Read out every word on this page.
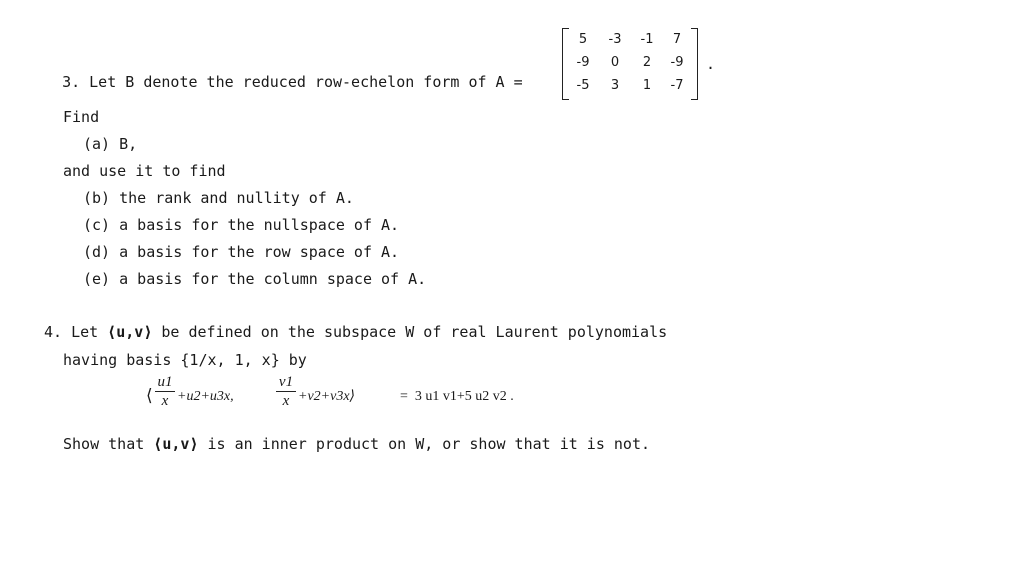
3. Let B denote the reduced row-echelon form of A =

5	-3	-1	7
-9	0	2	-9
-5	3	1	-7
.
Find
(a) B,
and use it to find
(b) the rank and nullity of A.
(c) a basis for the nullspace of A.
(d) a basis for the row space of A.
(e) a basis for the column space of A.
4. Let ⟨u,v⟩ be defined on the subspace W of real Laurent polynomials
having basis {1/x, 1, x} by
⟨
u1
x +u2+u3x,
v1
x +v2+v3x⟩	=  3 u1 v1+5 u2 v2 .
Show that ⟨u,v⟩ is an inner product on W, or show that it is not.
